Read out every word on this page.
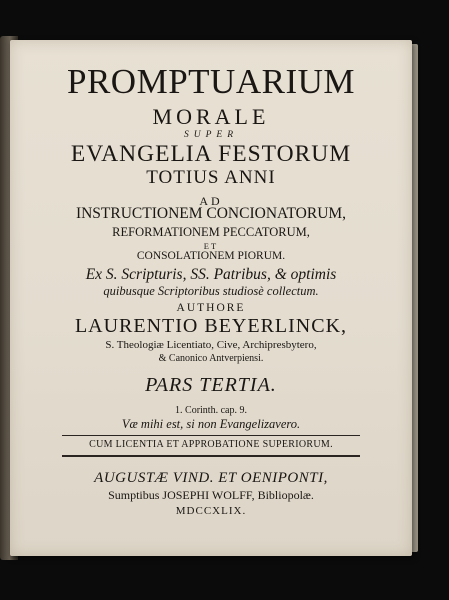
PROMPTUARIUM
MORALE
SUPER
EVANGELIA FESTORUM
TOTIUS ANNI
AD
INSTRUCTIONEM CONCIONATORUM,
REFORMATIONEM PECCATORUM,
ET
CONSOLATIONEM PIORUM.
Ex S. Scripturis, SS. Patribus, & optimis
quibusque Scriptoribus studiosè collectum.
AUTHORE
LAURENTIO BEYERLINCK,
S. Theologiæ Licentiato, Cive, Archipresbytero,
& Canonico Antverpiensi.
PARS TERTIA.
1. Corinth. cap. 9.
Væ mihi est, si non Evangelizavero.
CUM LICENTIA ET APPROBATIONE SUPERIORUM.
AUGUSTÆ VIND. ET OENIPONTI,
Sumptibus JOSEPHI WOLFF, Bibliopolæ.
MDCCXLIX.
